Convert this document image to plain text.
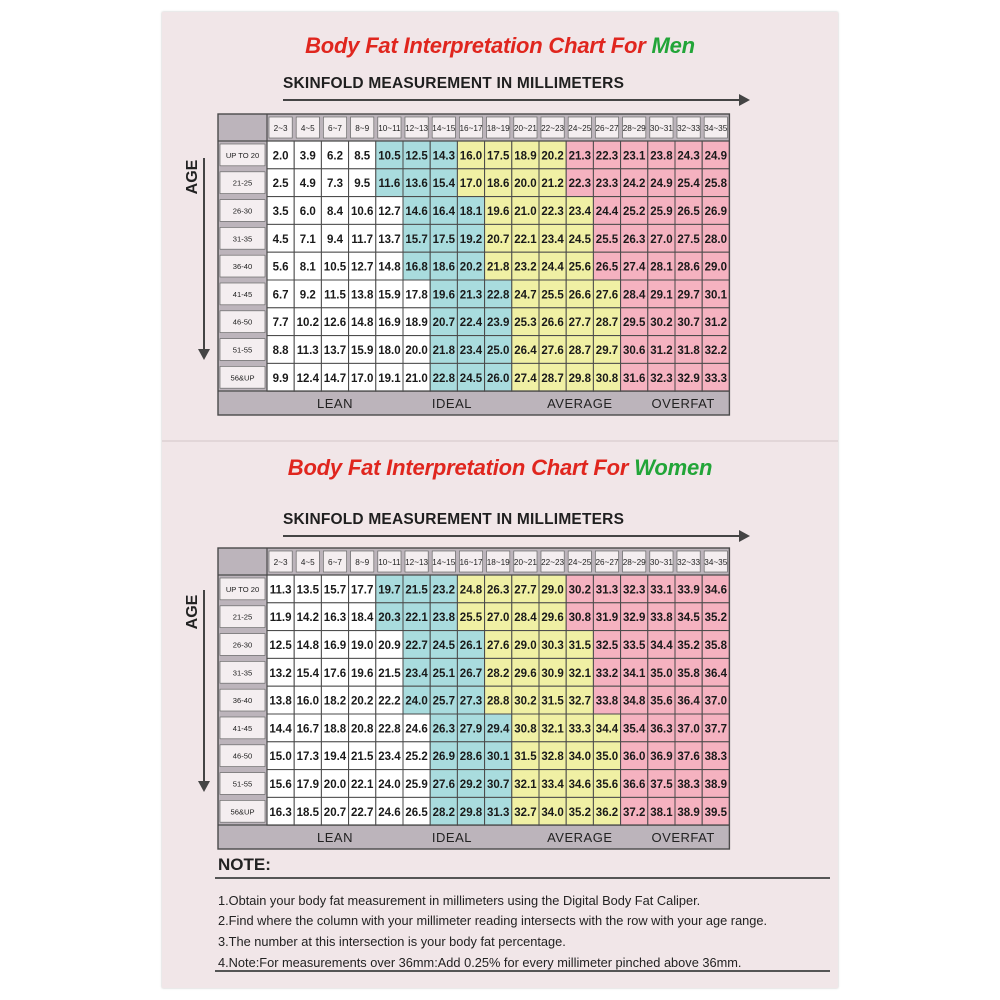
Body Fat Interpretation Chart For Men
SKINFOLD MEASUREMENT IN MILLIMETERS
AGE
Body Fat Interpretation Chart For Women
SKINFOLD MEASUREMENT IN MILLIMETERS
AGE
2~3 4~5 6~7 8~9 10~11 12~13 14~15 16~17 18~19 20~21 22~23 24~25 26~27 28~29 30~31 32~33 34~35
UP TO 20 2.0 3.9 6.2 8.5 10.5 12.5 14.3 16.0 17.5 18.9 20.2 21.3 22.3 23.1 23.8 24.3 24.9
21-25 2.5 4.9 7.3 9.5 11.6 13.6 15.4 17.0 18.6 20.0 21.2 22.3 23.3 24.2 24.9 25.4 25.8
26-30 3.5 6.0 8.4 10.6 12.7 14.6 16.4 18.1 19.6 21.0 22.3 23.4 24.4 25.2 25.9 26.5 26.9
31-35 4.5 7.1 9.4 11.7 13.7 15.7 17.5 19.2 20.7 22.1 23.4 24.5 25.5 26.3 27.0 27.5 28.0
36-40 5.6 8.1 10.5 12.7 14.8 16.8 18.6 20.2 21.8 23.2 24.4 25.6 26.5 27.4 28.1 28.6 29.0
41-45 6.7 9.2 11.5 13.8 15.9 17.8 19.6 21.3 22.8 24.7 25.5 26.6 27.6 28.4 29.1 29.7 30.1
46-50 7.7 10.2 12.6 14.8 16.9 18.9 20.7 22.4 23.9 25.3 26.6 27.7 28.7 29.5 30.2 30.7 31.2
51-55 8.8 11.3 13.7 15.9 18.0 20.0 21.8 23.4 25.0 26.4 27.6 28.7 29.7 30.6 31.2 31.8 32.2
56&UP 9.9 12.4 14.7 17.0 19.1 21.0 22.8 24.5 26.0 27.4 28.7 29.8 30.8 31.6 32.3 32.9 33.3
LEAN	IDEAL	AVERAGE	OVERFAT
2~3 4~5 6~7 8~9 10~11 12~13 14~15 16~17 18~19 20~21 22~23 24~25 26~27 28~29 30~31 32~33 34~35
UP TO 20 11.3 13.5 15.7 17.7 19.7 21.5 23.2 24.8 26.3 27.7 29.0 30.2 31.3 32.3 33.1 33.9 34.6
21-25 11.9 14.2 16.3 18.4 20.3 22.1 23.8 25.5 27.0 28.4 29.6 30.8 31.9 32.9 33.8 34.5 35.2
26-30 12.5 14.8 16.9 19.0 20.9 22.7 24.5 26.1 27.6 29.0 30.3 31.5 32.5 33.5 34.4 35.2 35.8
31-35 13.2 15.4 17.6 19.6 21.5 23.4 25.1 26.7 28.2 29.6 30.9 32.1 33.2 34.1 35.0 35.8 36.4
36-40 13.8 16.0 18.2 20.2 22.2 24.0 25.7 27.3 28.8 30.2 31.5 32.7 33.8 34.8 35.6 36.4 37.0
41-45 14.4 16.7 18.8 20.8 22.8 24.6 26.3 27.9 29.4 30.8 32.1 33.3 34.4 35.4 36.3 37.0 37.7
46-50 15.0 17.3 19.4 21.5 23.4 25.2 26.9 28.6 30.1 31.5 32.8 34.0 35.0 36.0 36.9 37.6 38.3
51-55 15.6 17.9 20.0 22.1 24.0 25.9 27.6 29.2 30.7 32.1 33.4 34.6 35.6 36.6 37.5 38.3 38.9
56&UP 16.3 18.5 20.7 22.7 24.6 26.5 28.2 29.8 31.3 32.7 34.0 35.2 36.2 37.2 38.1 38.9 39.5
LEAN	IDEAL	AVERAGE	OVERFAT
NOTE:
1.Obtain your body fat measurement in millimeters using the Digital Body Fat Caliper.
2.Find where the column with your millimeter reading intersects with the row with your age range.
3.The number at this intersection is your body fat percentage.
4.Note:For measurements over 36mm:Add 0.25% for every millimeter pinched above 36mm.
